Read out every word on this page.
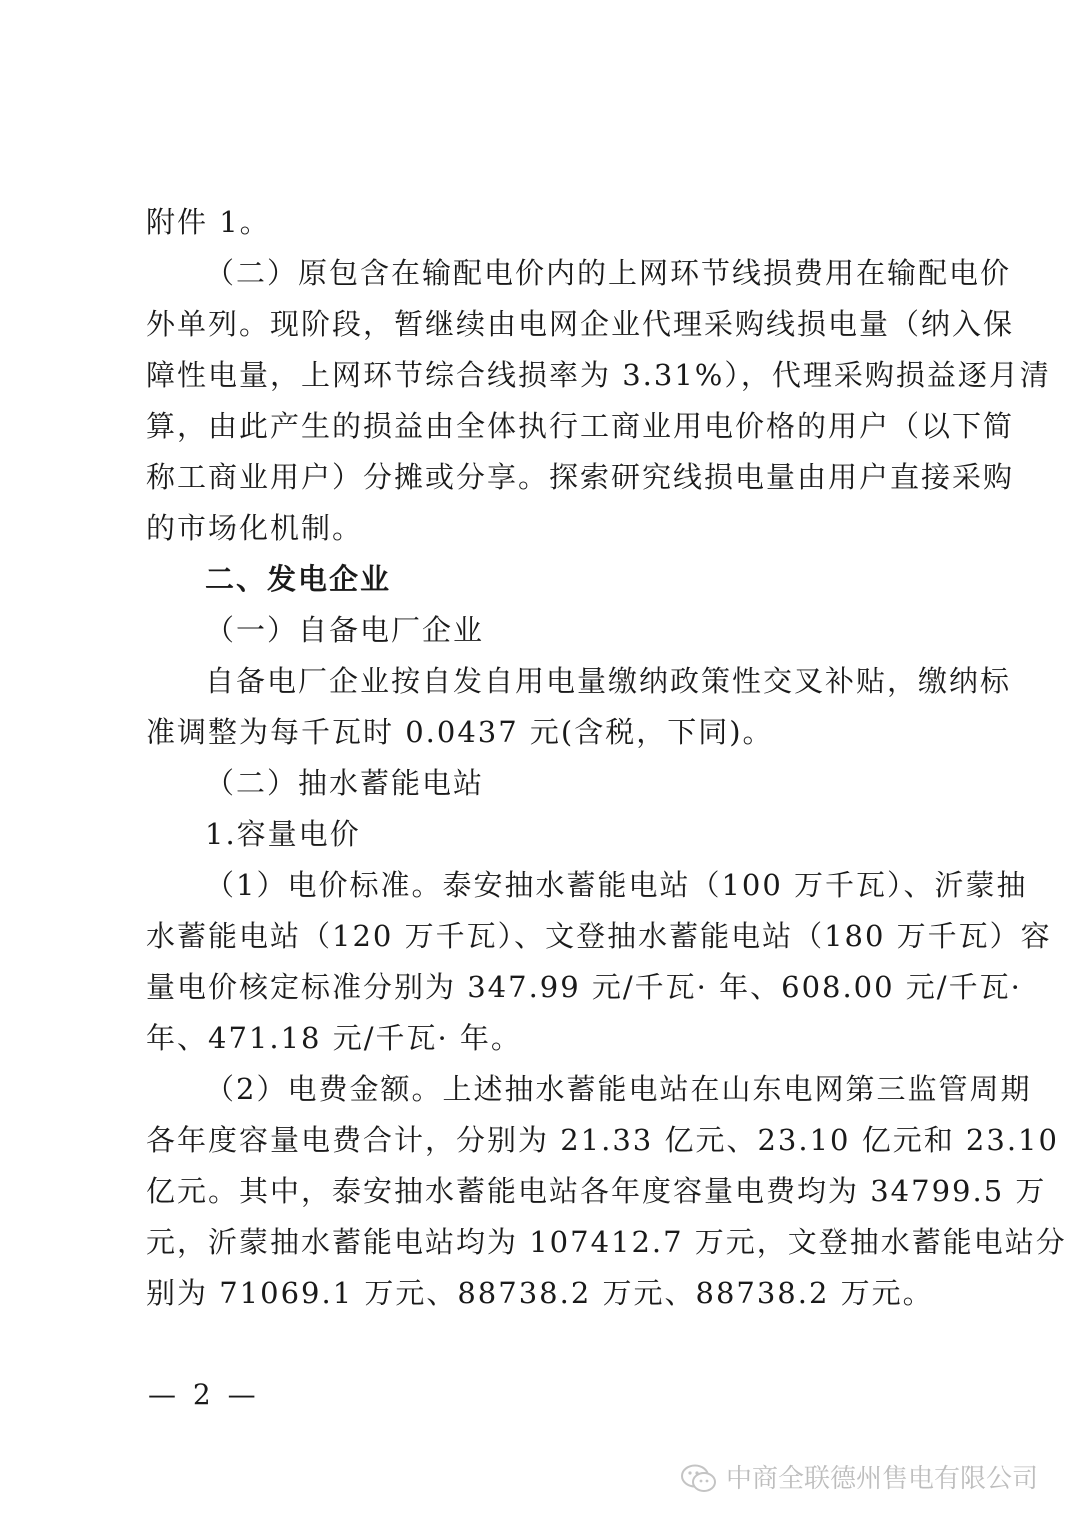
附件 1。
（二）原包含在输配电价内的上网环节线损费用在输配电价
外单列。现阶段，暂继续由电网企业代理采购线损电量（纳入保
障性电量，上网环节综合线损率为 3.31%），代理采购损益逐月清
算，由此产生的损益由全体执行工商业用电价格的用户（以下简
称工商业用户）分摊或分享。探索研究线损电量由用户直接采购
的市场化机制。
二、发电企业
（一）自备电厂企业
自备电厂企业按自发自用电量缴纳政策性交叉补贴，缴纳标
准调整为每千瓦时 0.0437 元(含税，下同)。
（二）抽水蓄能电站
1.容量电价
（1）电价标准。泰安抽水蓄能电站（100 万千瓦）、沂蒙抽
水蓄能电站（120 万千瓦）、文登抽水蓄能电站（180 万千瓦）容
量电价核定标准分别为 347.99 元/千瓦· 年、608.00 元/千瓦·
年、471.18 元/千瓦· 年。
（2）电费金额。上述抽水蓄能电站在山东电网第三监管周期
各年度容量电费合计，分别为 21.33 亿元、23.10 亿元和 23.10
亿元。其中，泰安抽水蓄能电站各年度容量电费均为 34799.5 万
元，沂蒙抽水蓄能电站均为 107412.7 万元，文登抽水蓄能电站分
别为 71069.1 万元、88738.2 万元、88738.2 万元。
— 2 —
中商全联德州售电有限公司
